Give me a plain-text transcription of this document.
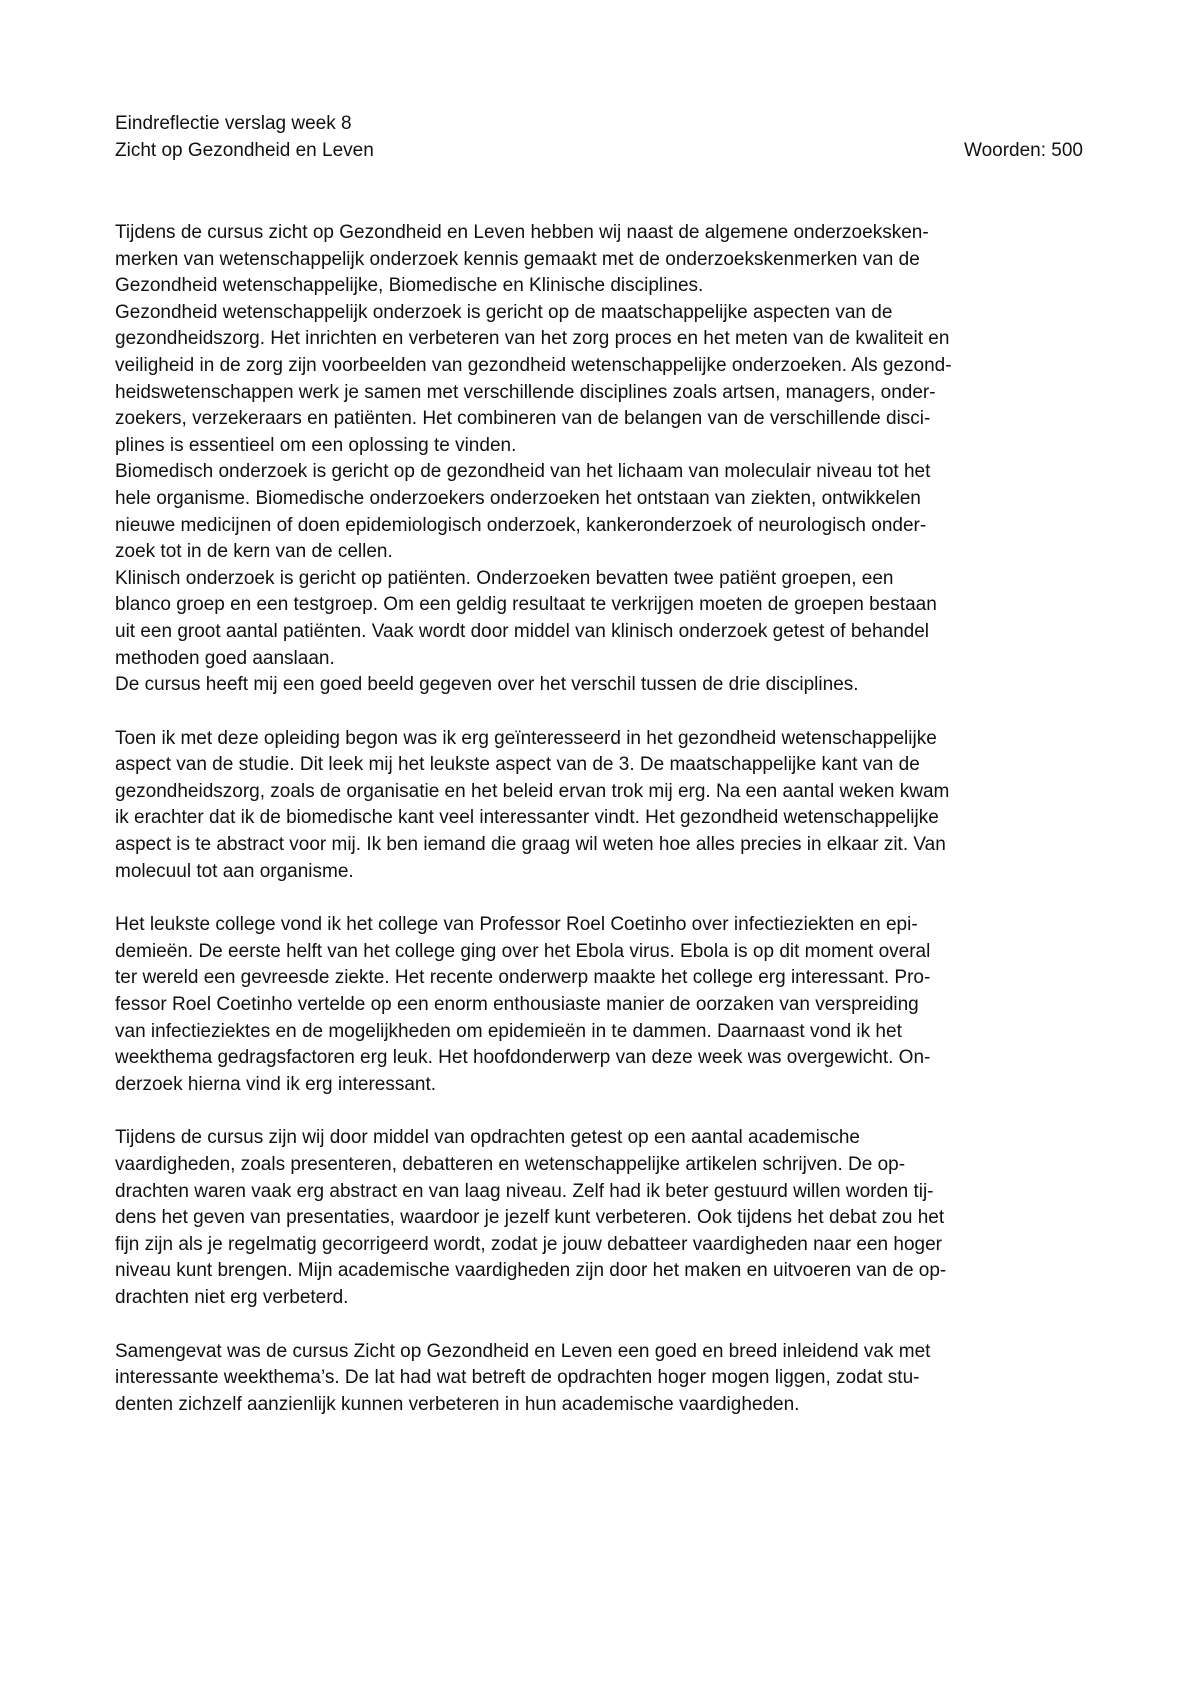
Eindreflectie verslag week 8
Zicht op Gezondheid en Leven	Woorden: 500
Tijdens de cursus zicht op Gezondheid en Leven hebben wij naast de algemene onderzoeksken-
merken van wetenschappelijk onderzoek kennis gemaakt met de onderzoekskenmerken van de
Gezondheid wetenschappelijke, Biomedische en Klinische disciplines.
Gezondheid wetenschappelijk onderzoek is gericht op de maatschappelijke aspecten van de
gezondheidszorg. Het inrichten en verbeteren van het zorg proces en het meten van de kwaliteit en
veiligheid in de zorg zijn voorbeelden van gezondheid wetenschappelijke onderzoeken. Als gezond-
heidswetenschappen werk je samen met verschillende disciplines zoals artsen, managers, onder-
zoekers, verzekeraars en patiënten. Het combineren van de belangen van de verschillende disci-
plines is essentieel om een oplossing te vinden.
Biomedisch onderzoek is gericht op de gezondheid van het lichaam van moleculair niveau tot het
hele organisme. Biomedische onderzoekers onderzoeken het ontstaan van ziekten, ontwikkelen
nieuwe medicijnen of doen epidemiologisch onderzoek, kankeronderzoek of neurologisch onder-
zoek tot in de kern van de cellen.
Klinisch onderzoek is gericht op patiënten. Onderzoeken bevatten twee patiënt groepen, een
blanco groep en een testgroep. Om een geldig resultaat te verkrijgen moeten de groepen bestaan
uit een groot aantal patiënten. Vaak wordt door middel van klinisch onderzoek getest of behandel
methoden goed aanslaan.
De cursus heeft mij een goed beeld gegeven over het verschil tussen de drie disciplines.
Toen ik met deze opleiding begon was ik erg geïnteresseerd in het gezondheid wetenschappelijke
aspect van de studie. Dit leek mij het leukste aspect van de 3. De maatschappelijke kant van de
gezondheidszorg, zoals de organisatie en het beleid ervan trok mij erg. Na een aantal weken kwam
ik erachter dat ik de biomedische kant veel interessanter vindt. Het gezondheid wetenschappelijke
aspect is te abstract voor mij. Ik ben iemand die graag wil weten hoe alles precies in elkaar zit. Van
molecuul tot aan organisme.
Het leukste college vond ik het college van Professor Roel Coetinho over infectieziekten en epi-
demieën. De eerste helft van het college ging over het Ebola virus. Ebola is op dit moment overal
ter wereld een gevreesde ziekte. Het recente onderwerp maakte het college erg interessant. Pro-
fessor Roel Coetinho vertelde op een enorm enthousiaste manier de oorzaken van verspreiding
van infectieziektes en de mogelijkheden om epidemieën in te dammen. Daarnaast vond ik het
weekthema gedragsfactoren erg leuk. Het hoofdonderwerp van deze week was overgewicht. On-
derzoek hierna vind ik erg interessant.
Tijdens de cursus zijn wij door middel van opdrachten getest op een aantal academische
vaardigheden, zoals presenteren, debatteren en wetenschappelijke artikelen schrijven. De op-
drachten waren vaak erg abstract en van laag niveau. Zelf had ik beter gestuurd willen worden tij-
dens het geven van presentaties, waardoor je jezelf kunt verbeteren. Ook tijdens het debat zou het
fijn zijn als je regelmatig gecorrigeerd wordt, zodat je jouw debatteer vaardigheden naar een hoger
niveau kunt brengen. Mijn academische vaardigheden zijn door het maken en uitvoeren van de op-
drachten niet erg verbeterd.
Samengevat was de cursus Zicht op Gezondheid en Leven een goed en breed inleidend vak met
interessante weekthema’s. De lat had wat betreft de opdrachten hoger mogen liggen, zodat stu-
denten zichzelf aanzienlijk kunnen verbeteren in hun academische vaardigheden.
